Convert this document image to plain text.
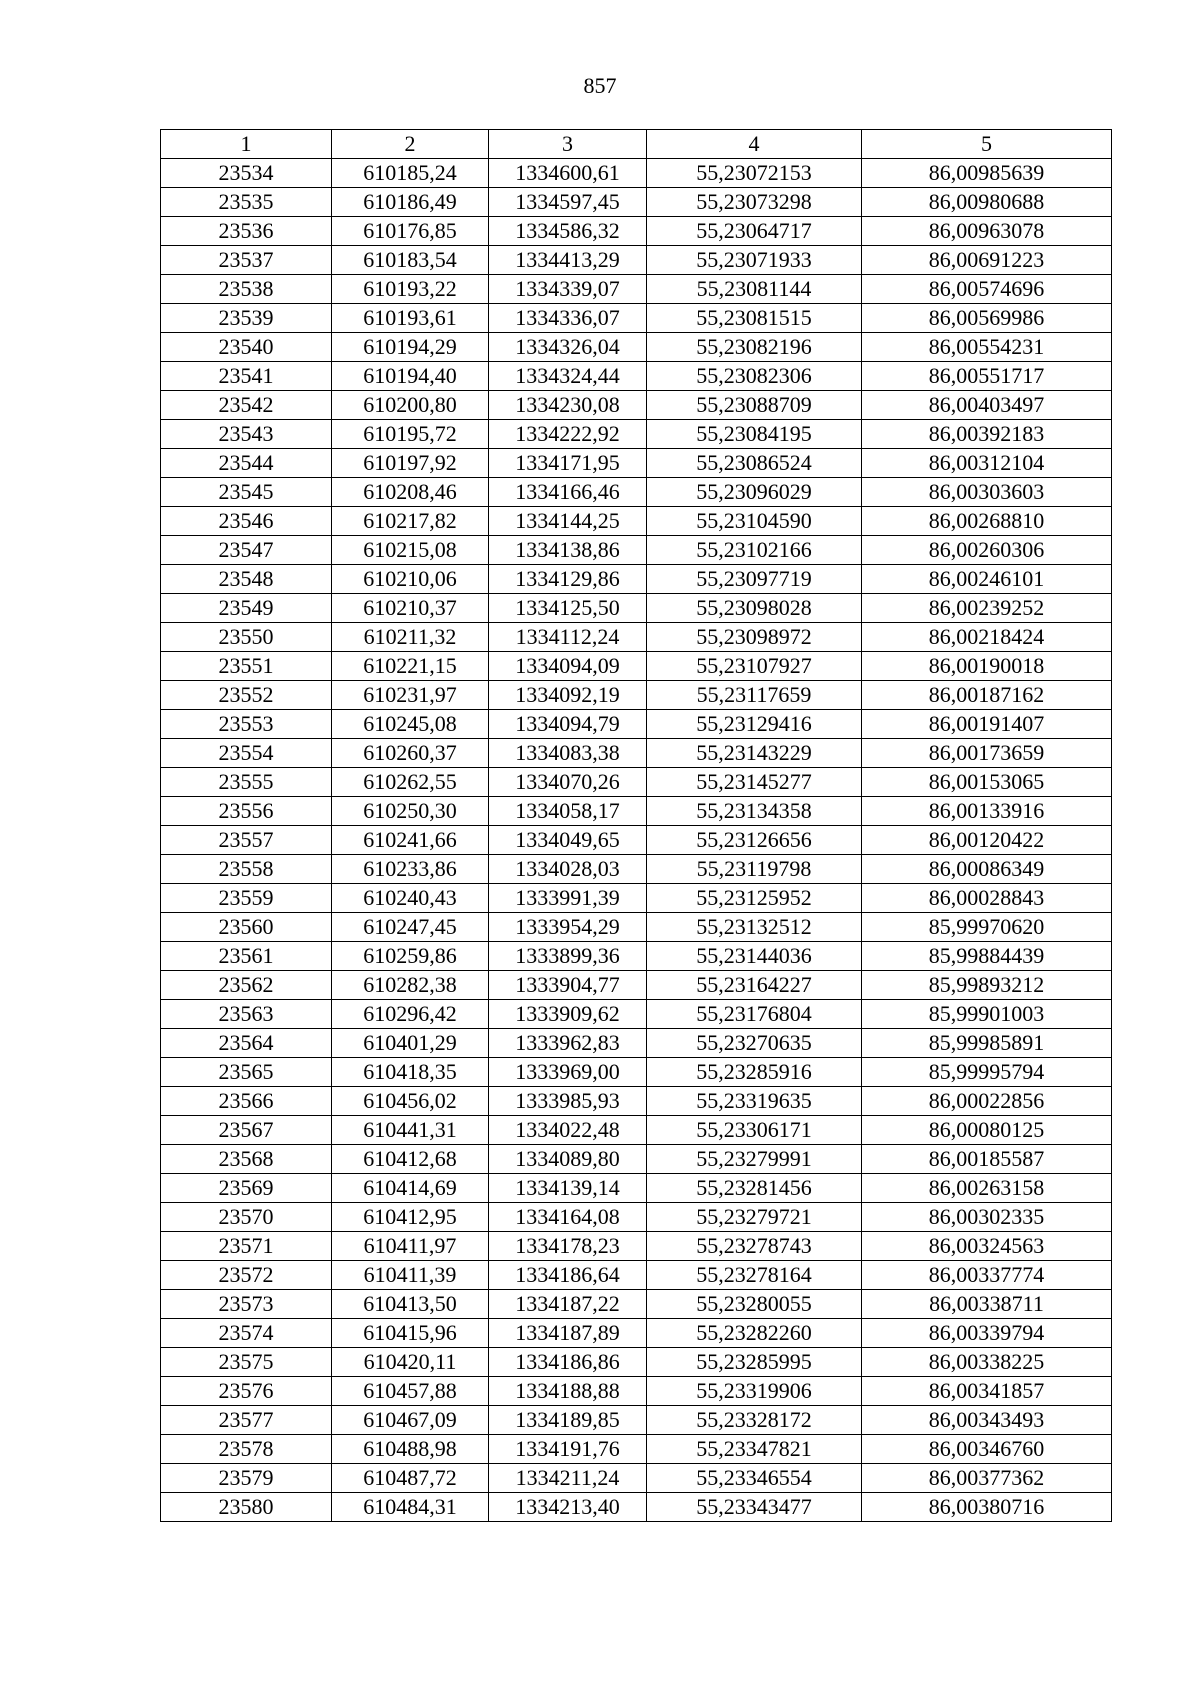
857
1	2	3	4	5
23534	610185,24	1334600,61	55,23072153	86,00985639
23535	610186,49	1334597,45	55,23073298	86,00980688
23536	610176,85	1334586,32	55,23064717	86,00963078
23537	610183,54	1334413,29	55,23071933	86,00691223
23538	610193,22	1334339,07	55,23081144	86,00574696
23539	610193,61	1334336,07	55,23081515	86,00569986
23540	610194,29	1334326,04	55,23082196	86,00554231
23541	610194,40	1334324,44	55,23082306	86,00551717
23542	610200,80	1334230,08	55,23088709	86,00403497
23543	610195,72	1334222,92	55,23084195	86,00392183
23544	610197,92	1334171,95	55,23086524	86,00312104
23545	610208,46	1334166,46	55,23096029	86,00303603
23546	610217,82	1334144,25	55,23104590	86,00268810
23547	610215,08	1334138,86	55,23102166	86,00260306
23548	610210,06	1334129,86	55,23097719	86,00246101
23549	610210,37	1334125,50	55,23098028	86,00239252
23550	610211,32	1334112,24	55,23098972	86,00218424
23551	610221,15	1334094,09	55,23107927	86,00190018
23552	610231,97	1334092,19	55,23117659	86,00187162
23553	610245,08	1334094,79	55,23129416	86,00191407
23554	610260,37	1334083,38	55,23143229	86,00173659
23555	610262,55	1334070,26	55,23145277	86,00153065
23556	610250,30	1334058,17	55,23134358	86,00133916
23557	610241,66	1334049,65	55,23126656	86,00120422
23558	610233,86	1334028,03	55,23119798	86,00086349
23559	610240,43	1333991,39	55,23125952	86,00028843
23560	610247,45	1333954,29	55,23132512	85,99970620
23561	610259,86	1333899,36	55,23144036	85,99884439
23562	610282,38	1333904,77	55,23164227	85,99893212
23563	610296,42	1333909,62	55,23176804	85,99901003
23564	610401,29	1333962,83	55,23270635	85,99985891
23565	610418,35	1333969,00	55,23285916	85,99995794
23566	610456,02	1333985,93	55,23319635	86,00022856
23567	610441,31	1334022,48	55,23306171	86,00080125
23568	610412,68	1334089,80	55,23279991	86,00185587
23569	610414,69	1334139,14	55,23281456	86,00263158
23570	610412,95	1334164,08	55,23279721	86,00302335
23571	610411,97	1334178,23	55,23278743	86,00324563
23572	610411,39	1334186,64	55,23278164	86,00337774
23573	610413,50	1334187,22	55,23280055	86,00338711
23574	610415,96	1334187,89	55,23282260	86,00339794
23575	610420,11	1334186,86	55,23285995	86,00338225
23576	610457,88	1334188,88	55,23319906	86,00341857
23577	610467,09	1334189,85	55,23328172	86,00343493
23578	610488,98	1334191,76	55,23347821	86,00346760
23579	610487,72	1334211,24	55,23346554	86,00377362
23580	610484,31	1334213,40	55,23343477	86,00380716
